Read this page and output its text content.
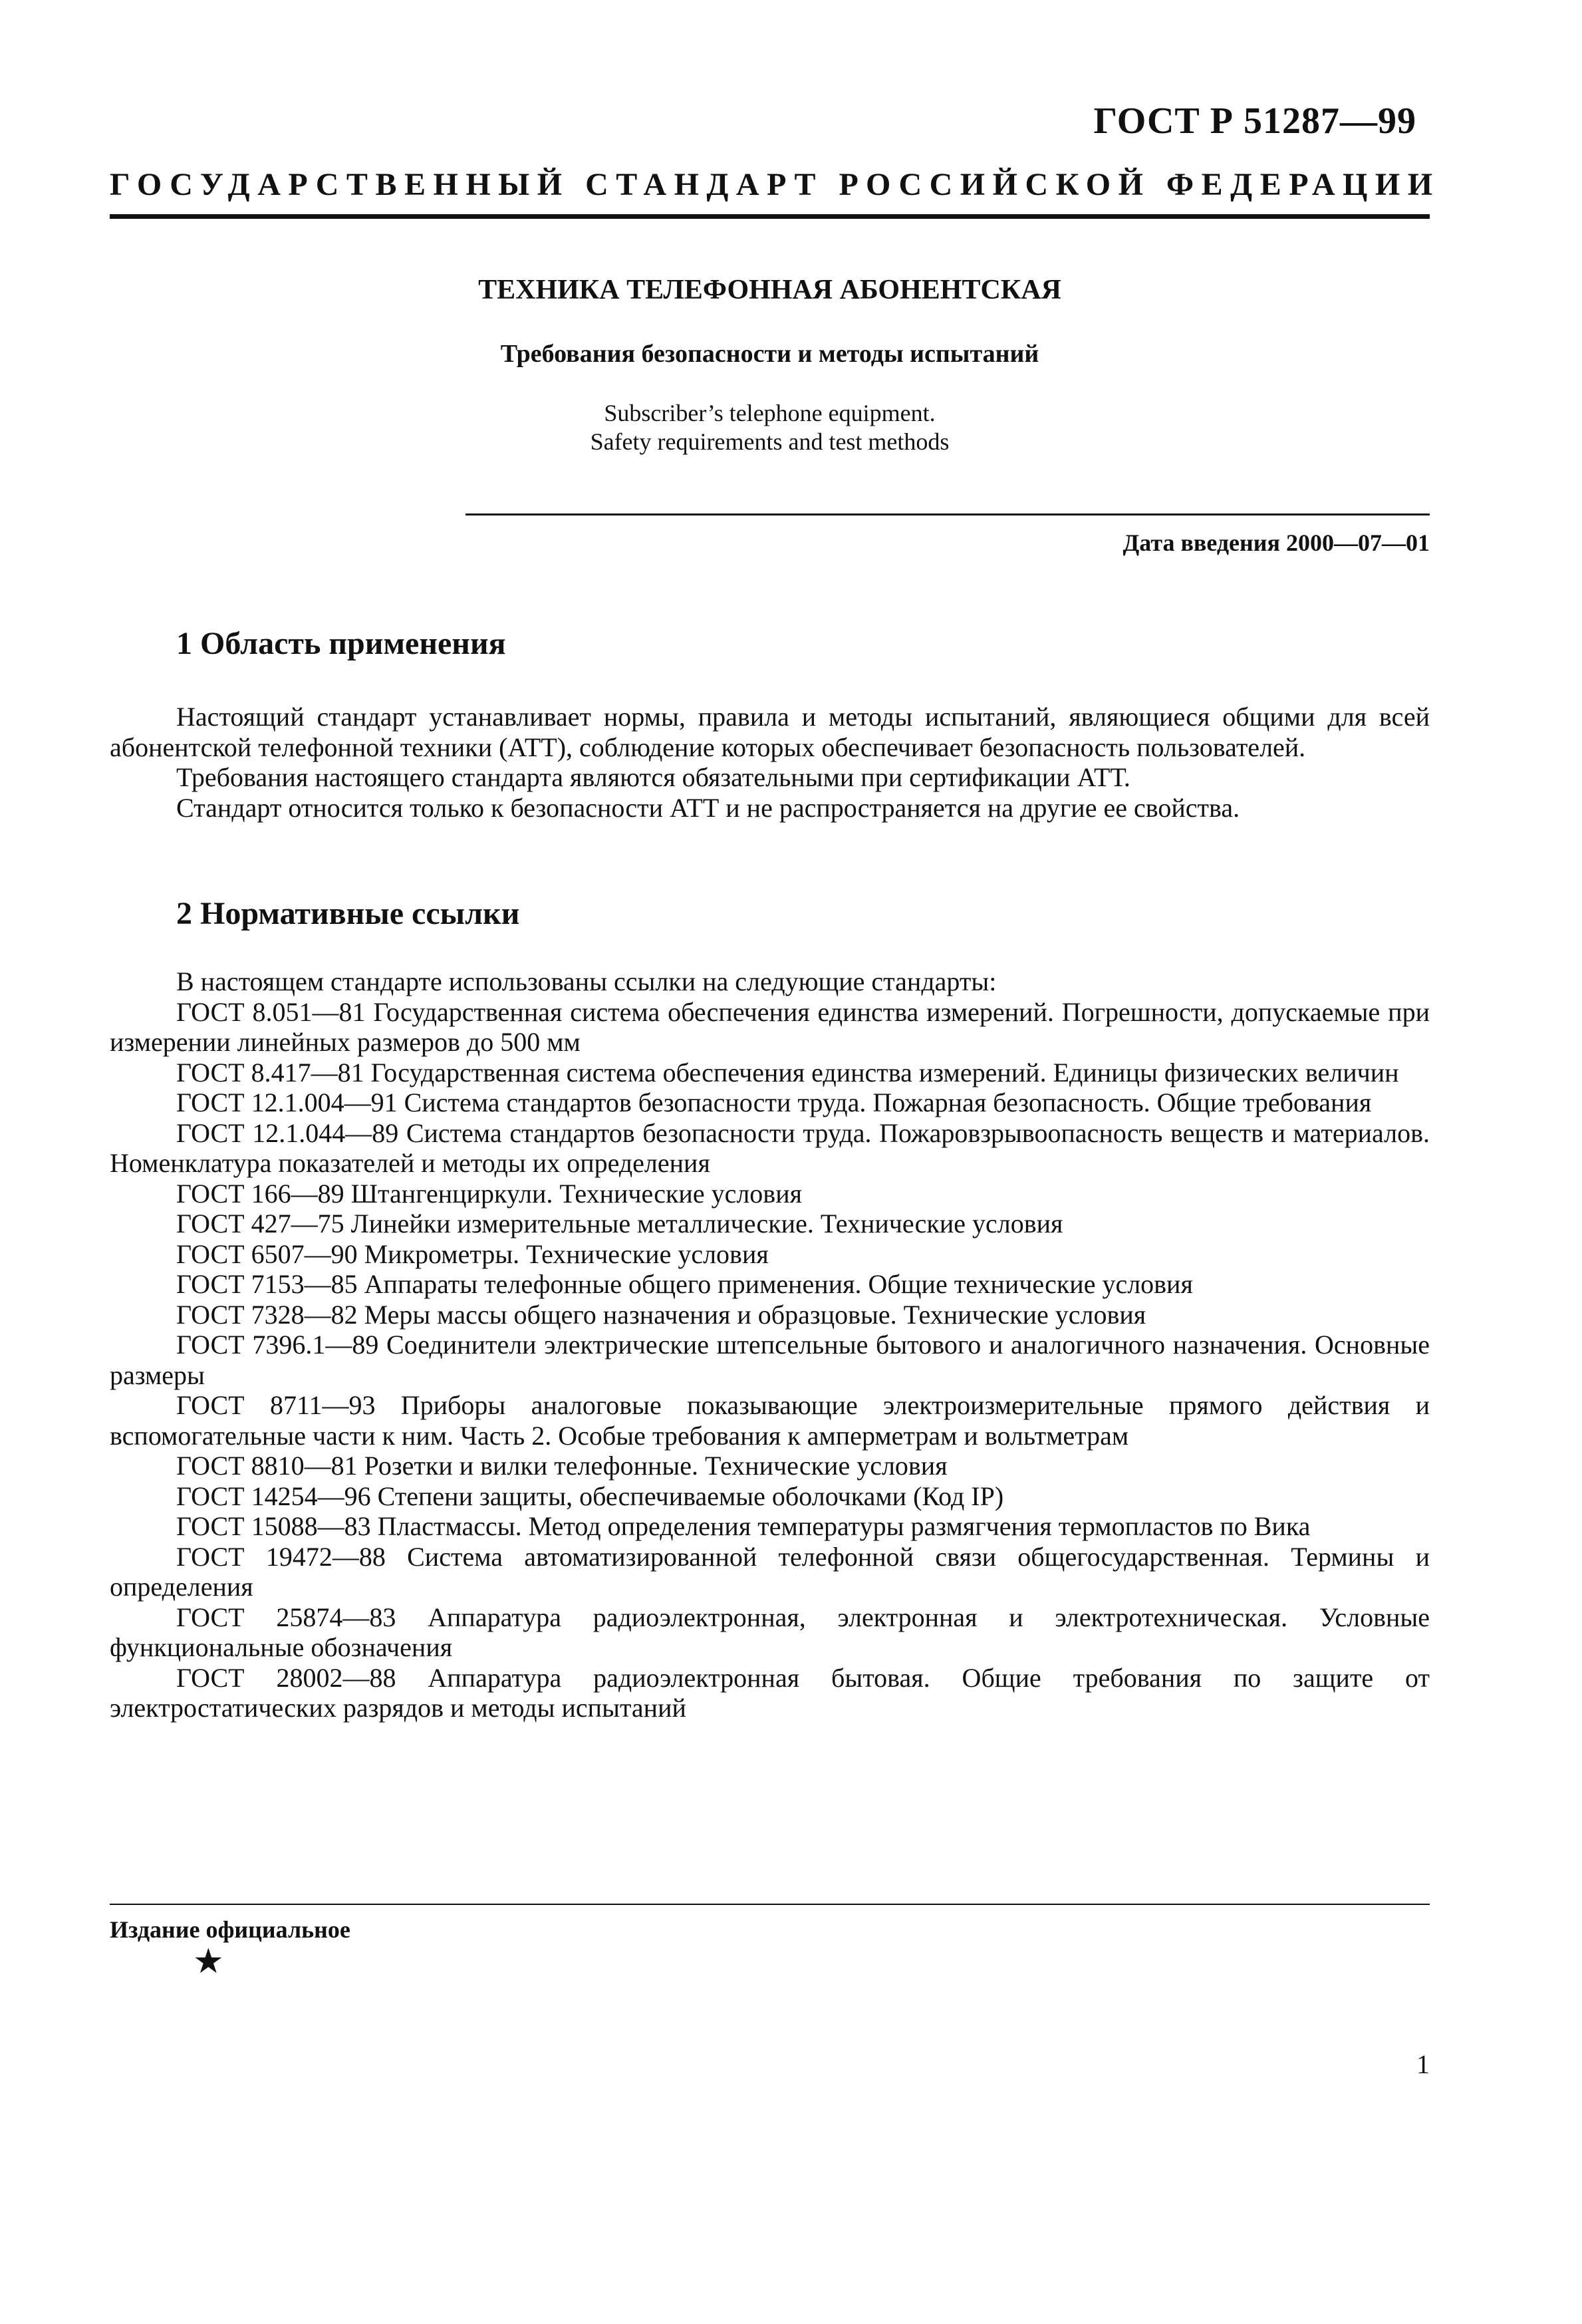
ГОСТ Р 51287—99
ГОСУДАРСТВЕННЫЙ СТАНДАРТ РОССИЙСКОЙ ФЕДЕРАЦИИ
ТЕХНИКА ТЕЛЕФОННАЯ АБОНЕНТСКАЯ
Требования безопасности и методы испытаний
Subscriber’s telephone equipment.
Safety requirements and test methods
Дата введения 2000—07—01
1 Область применения

Настоящий стандарт устанавливает нормы, правила и методы испытаний, являющиеся общими для всей абонентской телефонной техники (АТТ), соблюдение которых обеспечивает безопасность пользователей.

Требования настоящего стандарта являются обязательными при сертификации АТТ.

Стандарт относится только к безопасности АТТ и не распространяется на другие ее свойства.

2 Нормативные ссылки

В настоящем стандарте использованы ссылки на следующие стандарты:

ГОСТ 8.051—81 Государственная система обеспечения единства измерений. Погрешности, допускаемые при измерении линейных размеров до 500 мм

ГОСТ 8.417—81 Государственная система обеспечения единства измерений. Единицы физических величин

ГОСТ 12.1.004—91 Система стандартов безопасности труда. Пожарная безопасность. Общие требования

ГОСТ 12.1.044—89 Система стандартов безопасности труда. Пожаровзрывоопасность веществ и материалов. Номенклатура показателей и методы их определения

ГОСТ 166—89 Штангенциркули. Технические условия

ГОСТ 427—75 Линейки измерительные металлические. Технические условия

ГОСТ 6507—90 Микрометры. Технические условия

ГОСТ 7153—85 Аппараты телефонные общего применения. Общие технические условия

ГОСТ 7328—82 Меры массы общего назначения и образцовые. Технические условия

ГОСТ 7396.1—89 Соединители электрические штепсельные бытового и аналогичного назначения. Основные размеры

ГОСТ 8711—93 Приборы аналоговые показывающие электроизмерительные прямого действия и вспомогательные части к ним. Часть 2. Особые требования к амперметрам и вольтметрам

ГОСТ 8810—81 Розетки и вилки телефонные. Технические условия

ГОСТ 14254—96 Степени защиты, обеспечиваемые оболочками (Код IP)

ГОСТ 15088—83 Пластмассы. Метод определения температуры размягчения термопластов по Вика

ГОСТ 19472—88 Система автоматизированной телефонной связи общегосударственная. Термины и определения

ГОСТ 25874—83 Аппаратура радиоэлектронная, электронная и электротехническая. Условные функциональные обозначения

ГОСТ 28002—88 Аппаратура радиоэлектронная бытовая. Общие требования по защите от электростатических разрядов и методы испытаний

Издание официальное
★
1
